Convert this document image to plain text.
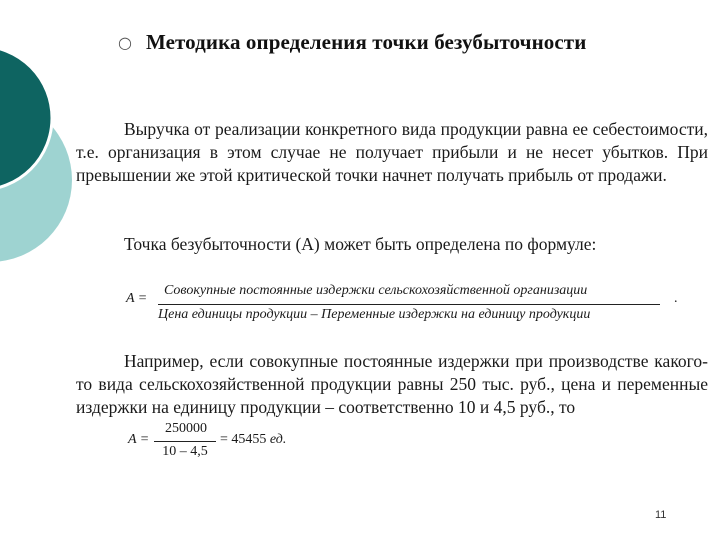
○ Методика определения точки безубыточности

Выручка от реализации конкретного вида продукции равна ее себестоимости, т.е. организация в этом случае не получает прибыли и не несет убытков. При превышении же этой критической точки начнет получать прибыль от продажи.

Точка безубыточности (А) может быть определена по формуле:

A =
Совокупные постоянные издержки сельскохозяйственной организации
Цена единицы продукции – Переменные издержки на единицу продукции
.

Например, если совокупные постоянные издержки при производстве какого-то вида сельскохозяйственной продукции равны 250 тыс. руб., цена и переменные издержки на единицу продукции – соответственно 10 и 4,5 руб., то

A =
250000
10 – 4,5
= 45455 ед.
11
